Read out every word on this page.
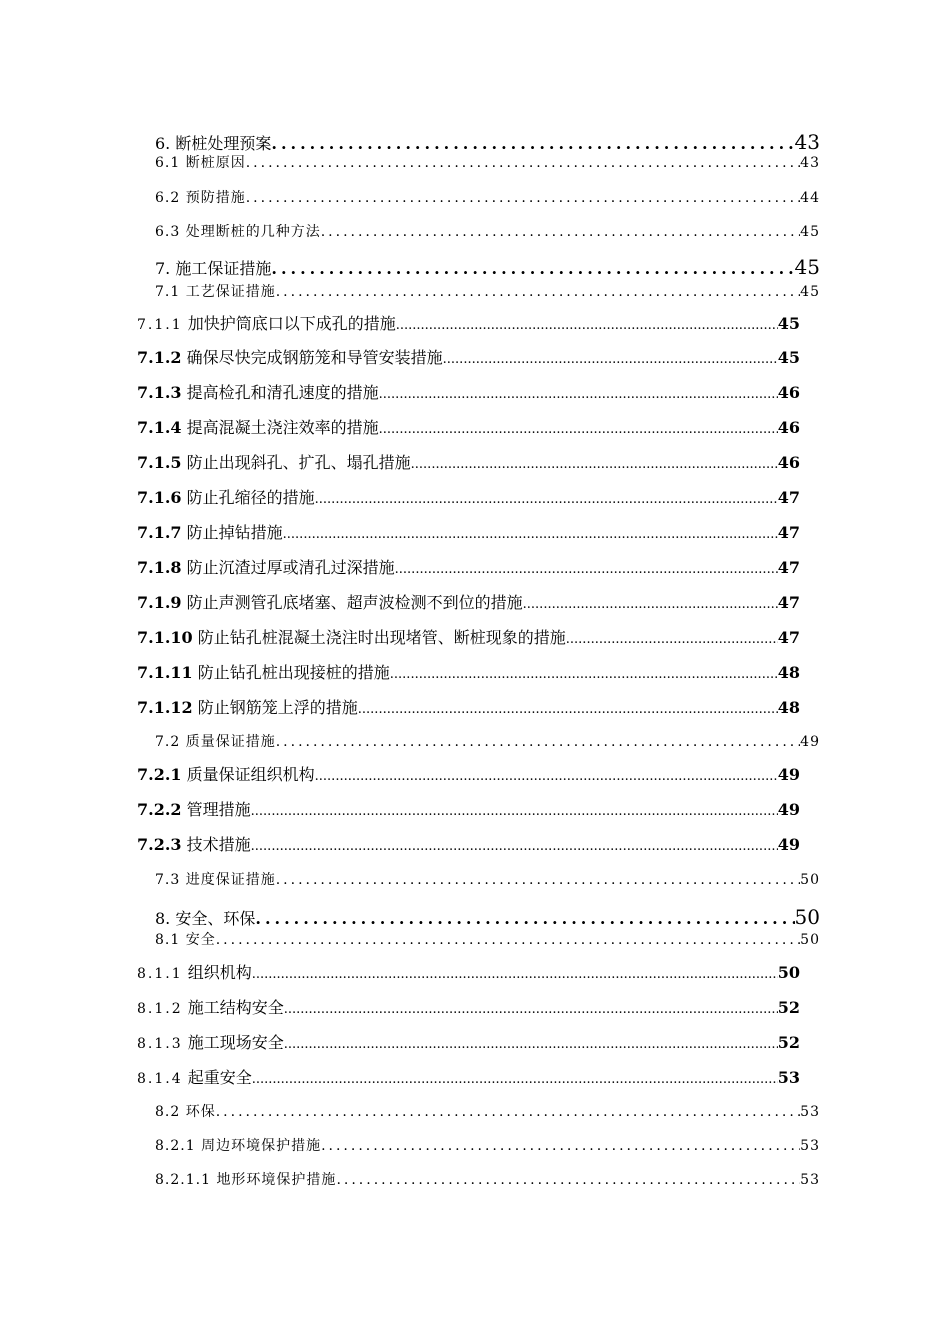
6. 断桩处理预案 .....	43
6.1 断桩原因 .....	43
6.2 预防措施 .....	44
6.3 处理断桩的几种方法 .....	45
7. 施工保证措施 .....	45
7.1 工艺保证措施 .....	45
7.1.1 加快护筒底口以下成孔的措施 .....	45
7.1.2 确保尽快完成钢筋笼和导管安装措施 .....	45
7.1.3 提高检孔和清孔速度的措施 .....	46
7.1.4 提高混凝土浇注效率的措施 .....	46
7.1.5 防止出现斜孔、扩孔、塌孔措施 .....	46
7.1.6 防止孔缩径的措施 .....	47
7.1.7 防止掉钻措施 .....	47
7.1.8 防止沉渣过厚或清孔过深措施 .....	47
7.1.9 防止声测管孔底堵塞、超声波检测不到位的措施 .....	47
7.1.10 防止钻孔桩混凝土浇注时出现堵管、断桩现象的措施 .....	47
7.1.11 防止钻孔桩出现接桩的措施 .....	48
7.1.12 防止钢筋笼上浮的措施 .....	48
7.2 质量保证措施 .....	49
7.2.1 质量保证组织机构 .....	49
7.2.2 管理措施 .....	49
7.2.3 技术措施 .....	49
7.3 进度保证措施 .....	50
8. 安全、环保 .....	50
8.1 安全 .....	50
8.1.1 组织机构 .....	50
8.1.2 施工结构安全 .....	52
8.1.3 施工现场安全 .....	52
8.1.4 起重安全 .....	53
8.2 环保 .....	53
8.2.1 周边环境保护措施 .....	53
8.2.1.1 地形环境保护措施 .....	53
